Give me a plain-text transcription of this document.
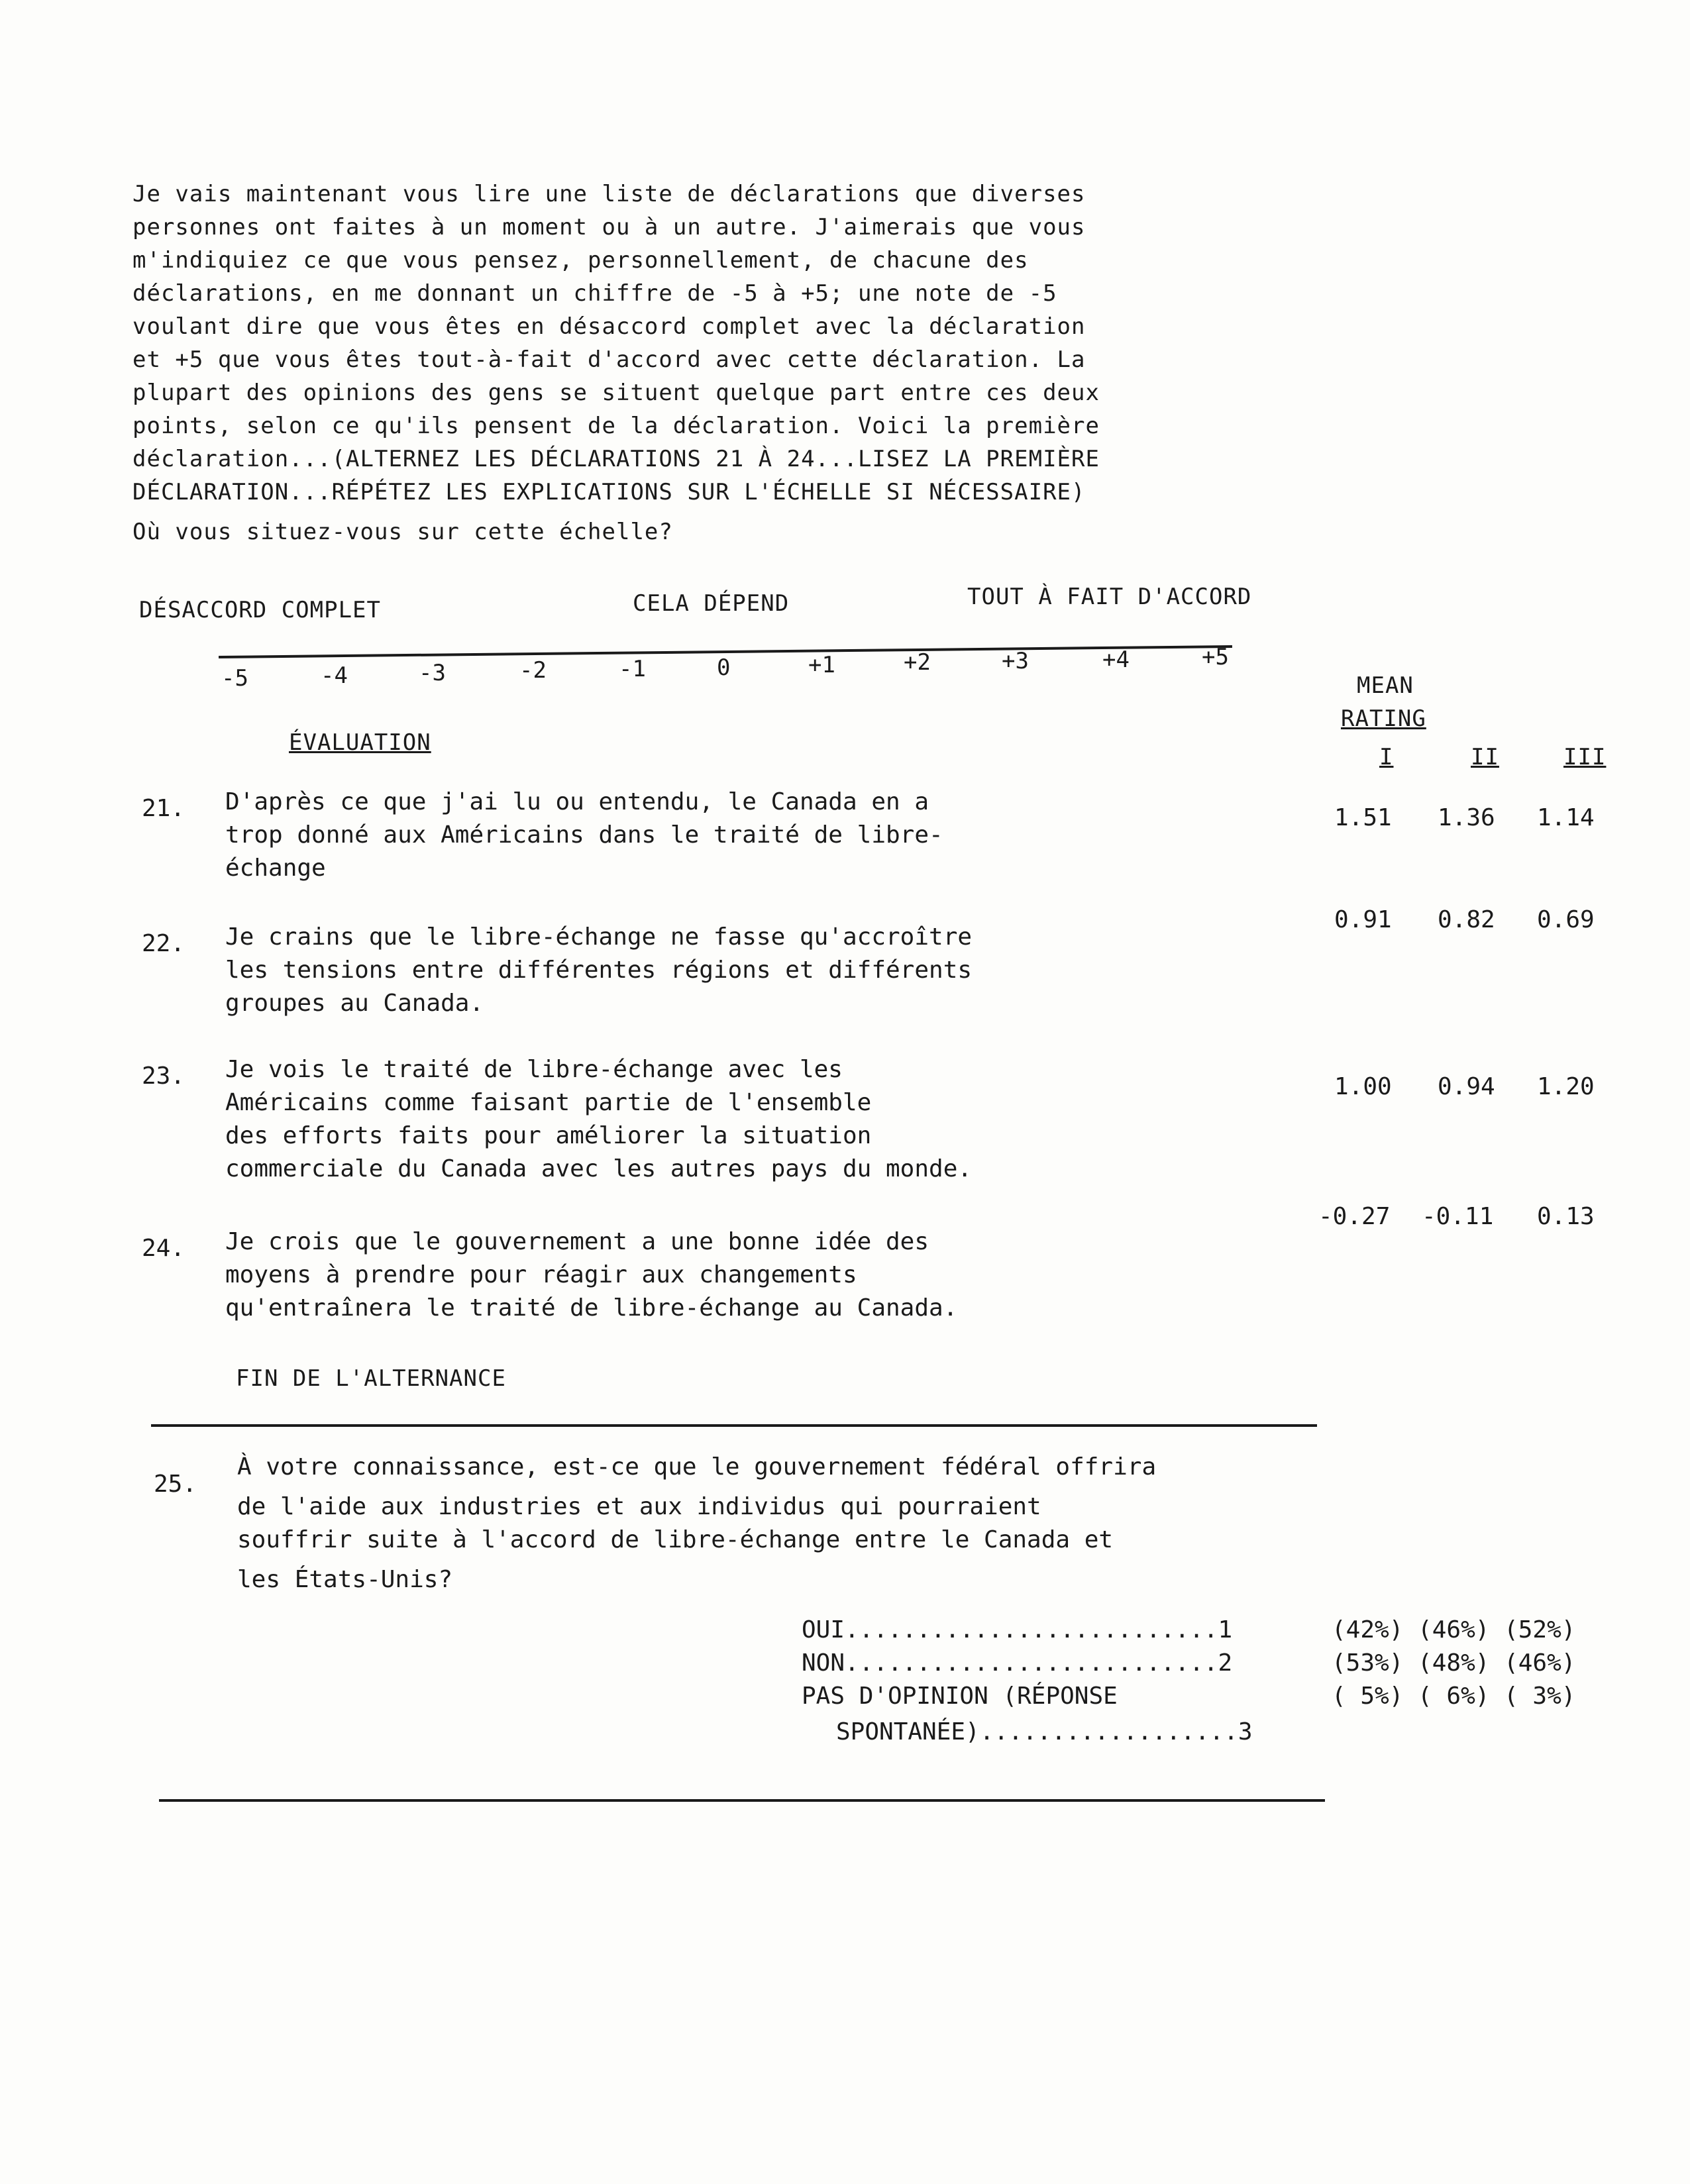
Je vais maintenant vous lire une liste de déclarations que diverses
personnes ont faites à un moment ou à un autre. J'aimerais que vous
m'indiquiez ce que vous pensez, personnellement, de chacune des
déclarations, en me donnant un chiffre de -5 à +5; une note de -5
voulant dire que vous êtes en désaccord complet avec la déclaration
et +5 que vous êtes tout-à-fait d'accord avec cette déclaration. La
plupart des opinions des gens se situent quelque part entre ces deux
points, selon ce qu'ils pensent de la déclaration. Voici la première
déclaration...(ALTERNEZ LES DÉCLARATIONS 21 À 24...LISEZ LA PREMIÈRE
DÉCLARATION...RÉPÉTEZ LES EXPLICATIONS SUR L'ÉCHELLE SI NÉCESSAIRE)
Où vous situez-vous sur cette échelle?
DÉSACCORD COMPLET	CELA DÉPEND	TOUT À FAIT D'ACCORD
-5	-4	-3	-2	-1	0	+1	+2	+3	+4	+5
MEAN
RATING
I	II	III
ÉVALUATION
21. D'après ce que j'ai lu ou entendu, le Canada en a
trop donné aux Américains dans le traité de libre-
échange
1.51 1.36 1.14
22. Je crains que le libre-échange ne fasse qu'accroître
les tensions entre différentes régions et différents
groupes au Canada.
0.91 0.82 0.69
23. Je vois le traité de libre-échange avec les
Américains comme faisant partie de l'ensemble
des efforts faits pour améliorer la situation
commerciale du Canada avec les autres pays du monde.
1.00 0.94 1.20
24. Je crois que le gouvernement a une bonne idée des
moyens à prendre pour réagir aux changements
qu'entraînera le traité de libre-échange au Canada.
-0.27 -0.11 0.13
FIN DE L'ALTERNANCE
25.
À votre connaissance, est-ce que le gouvernement fédéral offrira
de l'aide aux industries et aux individus qui pourraient
souffrir suite à l'accord de libre-échange entre le Canada et
les États-Unis?
OUI..........................1	(42%) (46%) (52%)
NON..........................2	(53%) (48%) (46%)
PAS D'OPINION (RÉPONSE	( 5%) ( 6%) ( 3%)
SPONTANÉE)..................3
